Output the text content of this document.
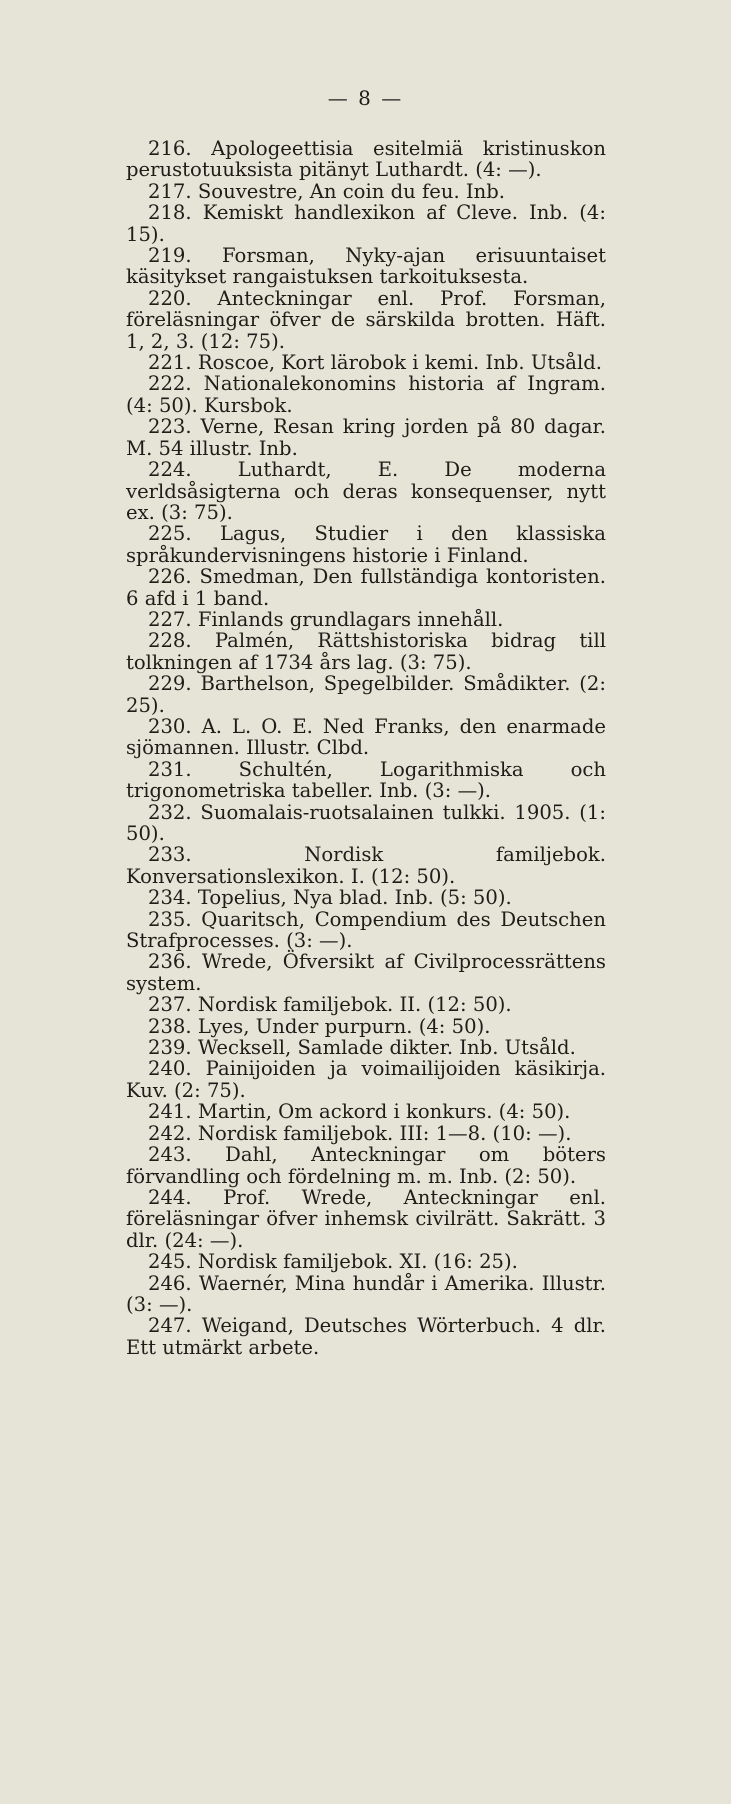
— 8 —

216. Apologeettisia esitelmiä kristinuskon perustotuuksista pitänyt Luthardt. (4: —).

217. Souvestre, An coin du feu. Inb.

218. Kemiskt handlexikon af Cleve. Inb. (4: 15).

219. Forsman, Nyky-ajan erisuuntaiset käsitykset rangaistuksen tarkoituksesta.

220. Anteckningar enl. Prof. Forsman, föreläsningar öfver de särskilda brotten. Häft. 1, 2, 3. (12: 75).

221. Roscoe, Kort lärobok i kemi. Inb. Utsåld.

222. Nationalekonomins historia af Ingram. (4: 50). Kursbok.

223. Verne, Resan kring jorden på 80 dagar. M. 54 illustr. Inb.

224. Luthardt, E. De moderna verldsåsigterna och deras konsequenser, nytt ex. (3: 75).

225. Lagus, Studier i den klassiska språkundervisningens historie i Finland.

226. Smedman, Den fullständiga kontoristen. 6 afd i 1 band.

227. Finlands grundlagars innehåll.

228. Palmén, Rättshistoriska bidrag till tolkningen af 1734 års lag. (3: 75).

229. Barthelson, Spegelbilder. Smådikter. (2: 25).

230. A. L. O. E. Ned Franks, den enarmade sjömannen. Illustr. Clbd.

231. Schultén, Logarithmiska och trigonometriska tabeller. Inb. (3: —).

232. Suomalais-ruotsalainen tulkki. 1905. (1: 50).

233. Nordisk familjebok. Konversationslexikon. I. (12: 50).

234. Topelius, Nya blad. Inb. (5: 50).

235. Quaritsch, Compendium des Deutschen Strafprocesses. (3: —).

236. Wrede, Öfversikt af Civilprocessrättens system.

237. Nordisk familjebok. II. (12: 50).

238. Lyes, Under purpurn. (4: 50).

239. Wecksell, Samlade dikter. Inb. Utsåld.

240. Painijoiden ja voimailijoiden käsikirja. Kuv. (2: 75).

241. Martin, Om ackord i konkurs. (4: 50).

242. Nordisk familjebok. III: 1—8. (10: —).

243. Dahl, Anteckningar om böters förvandling och fördelning m. m. Inb. (2: 50).

244. Prof. Wrede, Anteckningar enl. föreläsningar öfver inhemsk civilrätt. Sakrätt. 3 dlr. (24: —).

245. Nordisk familjebok. XI. (16: 25).

246. Waernér, Mina hundår i Amerika. Illustr. (3: —).

247. Weigand, Deutsches Wörterbuch. 4 dlr. Ett utmärkt arbete.
